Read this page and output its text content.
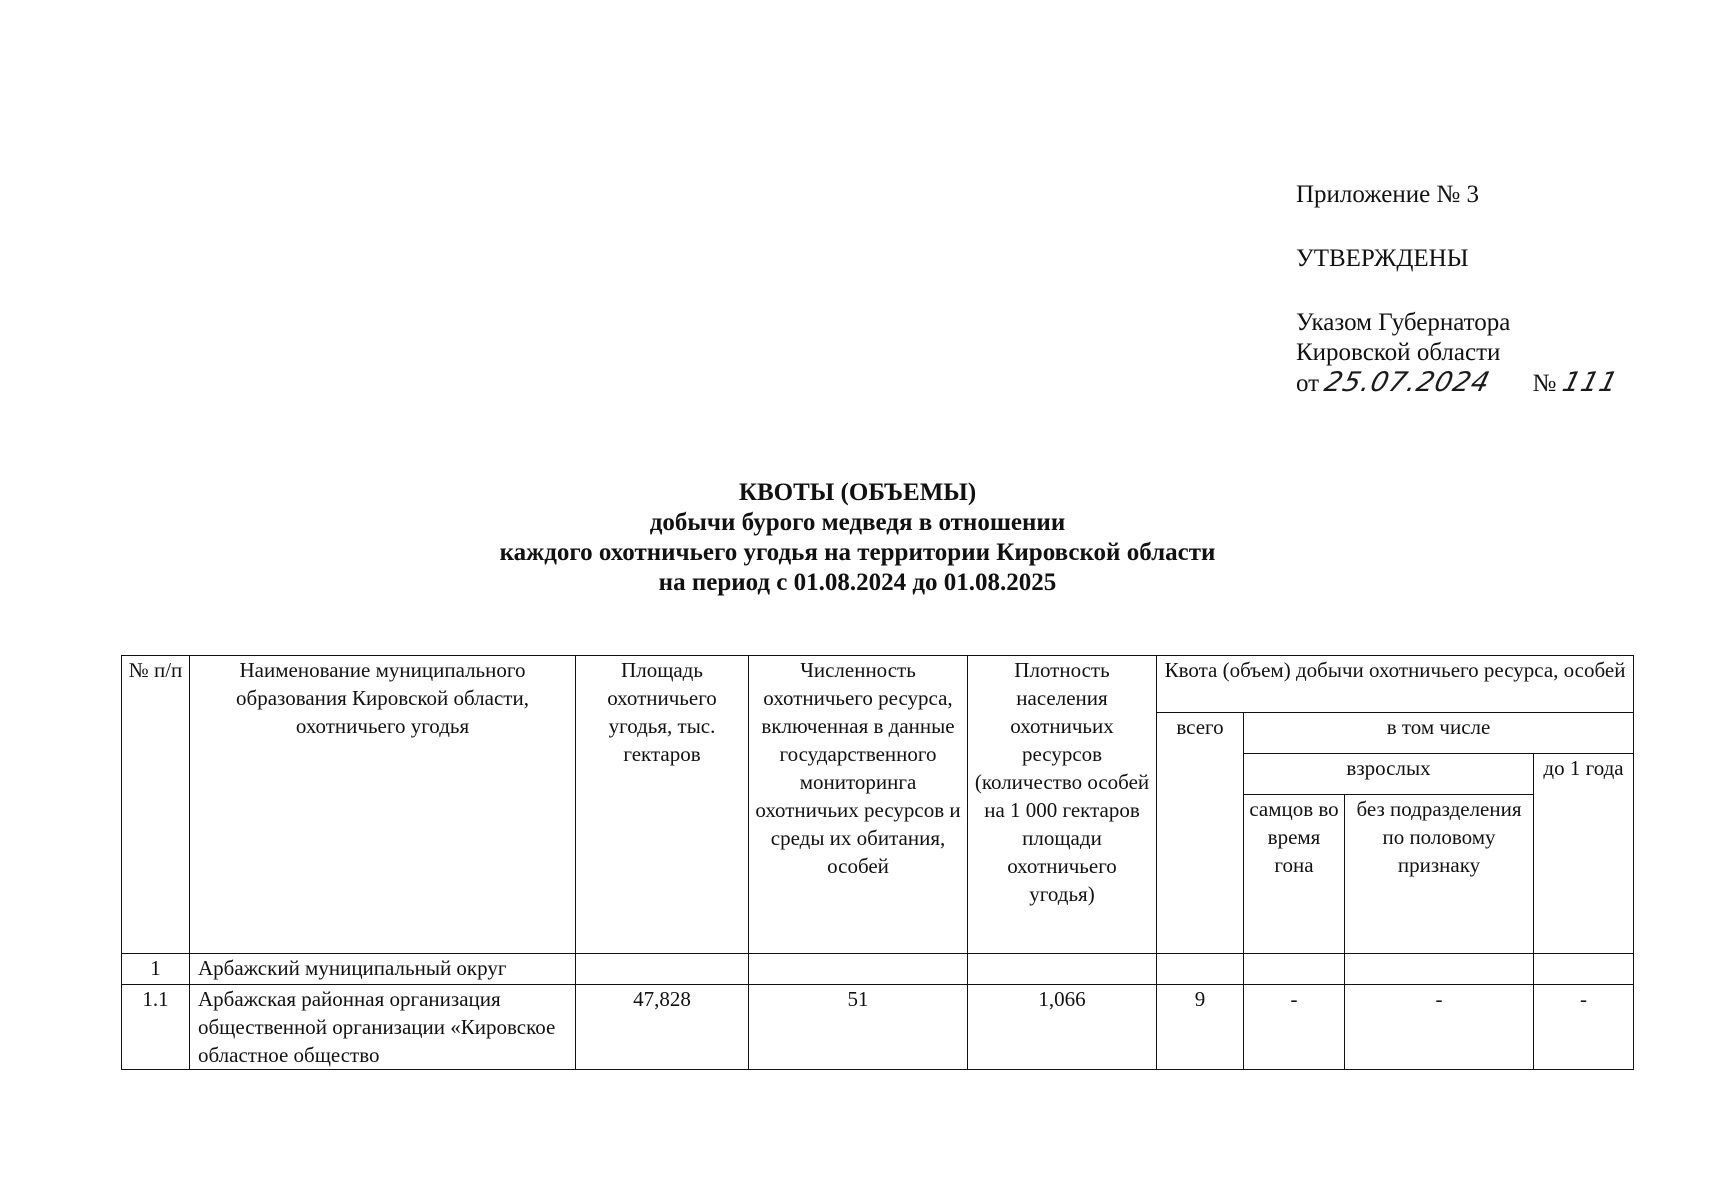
Приложение № 3
УТВЕРЖДЕНЫ
Указом Губернатора
Кировской области
от 25.07.2024 № 111
КВОТЫ (ОБЪЕМЫ)
добычи бурого медведя в отношении
каждого охотничьего угодья на территории Кировской области
на период с 01.08.2024 до 01.08.2025
№ п/п	Наименование муниципального образования Кировской области, охотничьего угодья	Площадь охотничьего угодья, тыс. гектаров	Численность охотничьего ресурса, включенная в данные государственного мониторинга охотничьих ресурсов и среды их обитания, особей	Плотность населения охотничьих ресурсов (количество особей на 1 000 гектаров площади охотничьего угодья)	Квота (объем) добычи охотничьего ресурса, особей			
					всего	в том числе		
						взрослых		до 1 года
						самцов во время гона	без подразделения по половому признаку	
1	Арбажский муниципальный округ							
1.1	Арбажская районная организация общественной организации «Кировское областное общество	47,828	51	1,066	9	-	-	-
